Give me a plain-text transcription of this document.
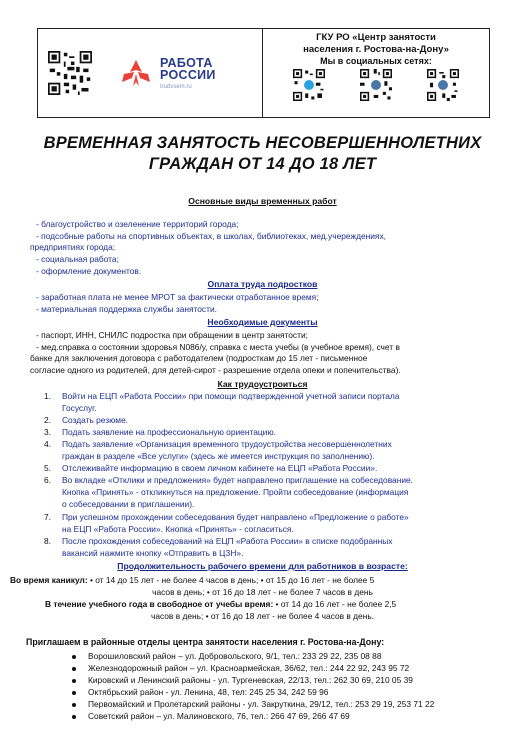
РАБОТА
РОССИИ
trudvsem.ru
ГКУ РО «Центр занятости
населения г. Ростова-на-Дону»
Мы в социальных сетях:
ВРЕМЕННАЯ ЗАНЯТОСТЬ НЕСОВЕРШЕННОЛЕТНИХ
ГРАЖДАН ОТ 14 ДО 18 ЛЕТ
Основные виды временных работ
- благоустройство и озеленение территорий города;
- подсобные работы на спортивных объектах, в школах, библиотеках, мед.учереждениях,
предприятиях города;
- социальная работа;
- оформление документов.
Оплата труда подростков
- заработная плата не менее МРОТ за фактически отработанное время;
- материальная поддержка службы занятости.
Необходимые документы
- паспорт, ИНН, СНИЛС подростка при обращении в центр занятости;
- мед.справка о состоянии здоровья N086/у, справка с места учебы (в учебное время), счет в
банке для заключения договора с работодателем (подросткам до 15 лет - письменное
согласие одного из родителей, для детей-сирот - разрешение отдела опеки и попечительства).
Как трудоустроиться
1. Войти на ЕЦП «Работа России» при помощи подтвержденной учетной записи портала
Госуслуг.
2. Создать резюме.
3. Подать заявление на профессиональную ориентацию.
4. Подать заявление «Организация временного трудоустройства несовершеннолетних
граждан в разделе «Все услуги» (здесь же имеется инструкция по заполнению).
5. Отслеживайте информацию в своем личном кабинете на ЕЦП «Работа России».
6. Во вкладке «Отклики и предложения» будет направлено приглашение на собеседование.
Кнопка «Принять» - откликнуться на предложение. Пройти собеседование (информация
о собеседовании в приглашении).
7. При успешном прохождении собеседования будет направлено «Предложение о работе»
на ЕЦП «Работа России». Кнопка «Принять» - согласиться.
8. После прохождения собеседований на ЕЦП «Работа России» в списке подобранных
вакансий нажмите кнопку «Отправить в ЦЗН».
Продолжительность рабочего времени для работников в возрасте:
Во время каникул: • от 14 до 15 лет - не более 4 часов в день; • от 15 до 16 лет - не более 5
часов в день; • от 16 до 18 лет - не более 7 часов в день
В течение учебного года в свободное от учебы время: • от 14 до 16 лет - не более 2,5
часов в день; • от 16 до 18 лет - не более 4 часов в день.
Приглашаем в районные отделы центра занятости населения г. Ростова-на-Дону:
Ворошиловский район – ул. Добровольского, 9/1, тел.: 233 29 22, 235 08 88
Железнодорожный район – ул. Красноармейская, 36/62, тел.: 244 22 92, 243 95 72
Кировский и Ленинский районы - ул. Тургеневская, 22/13, тел.: 262 30 69, 210 05 39
Октябрьский район - ул. Ленина, 48, тел: 245 25 34, 242 59 96
Первомайский и Пролетарский районы - ул. Закруткина, 29/12, тел.: 253 29 19, 253 71 22
Советский район – ул. Малиновского, 76, тел.: 266 47 69, 266 47 69
